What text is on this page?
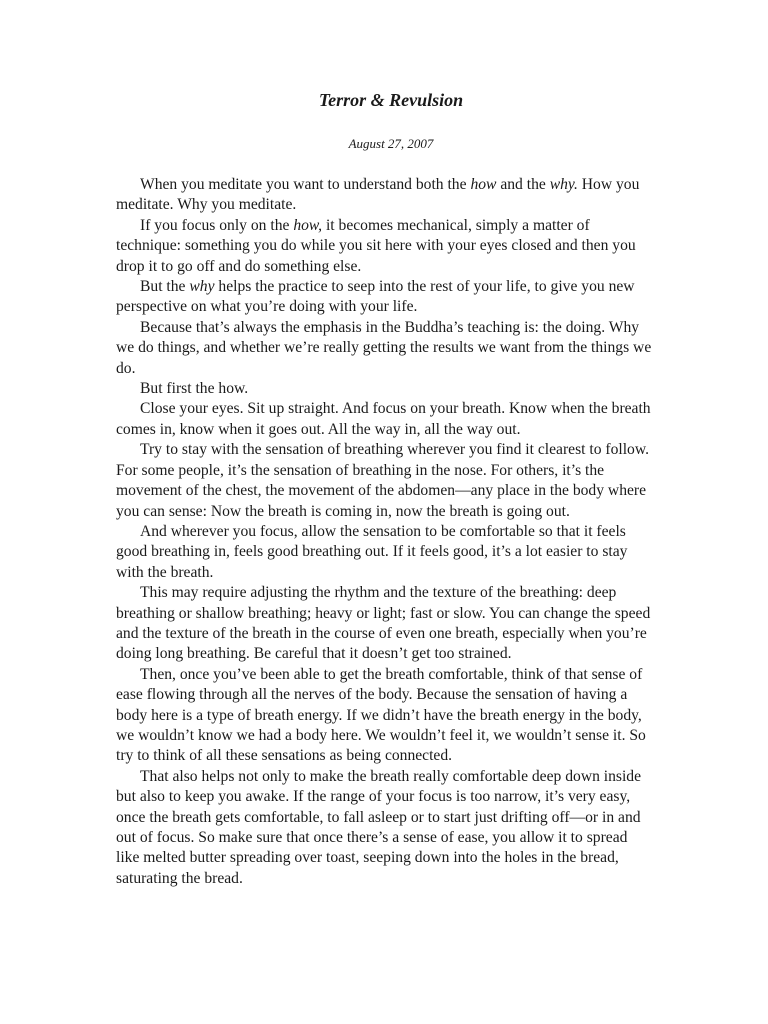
Terror & Revulsion
August 27, 2007

When you meditate you want to understand both the how and the why. How you meditate. Why you meditate.

If you focus only on the how, it becomes mechanical, simply a matter of technique: something you do while you sit here with your eyes closed and then you drop it to go off and do something else.

But the why helps the practice to seep into the rest of your life, to give you new perspective on what you’re doing with your life.

Because that’s always the emphasis in the Buddha’s teaching is: the doing. Why we do things, and whether we’re really getting the results we want from the things we do.

But first the how.

Close your eyes. Sit up straight. And focus on your breath. Know when the breath comes in, know when it goes out. All the way in, all the way out.

Try to stay with the sensation of breathing wherever you find it clearest to follow. For some people, it’s the sensation of breathing in the nose. For others, it’s the movement of the chest, the movement of the abdomen—any place in the body where you can sense: Now the breath is coming in, now the breath is going out.

And wherever you focus, allow the sensation to be comfortable so that it feels good breathing in, feels good breathing out. If it feels good, it’s a lot easier to stay with the breath.

This may require adjusting the rhythm and the texture of the breathing: deep breathing or shallow breathing; heavy or light; fast or slow. You can change the speed and the texture of the breath in the course of even one breath, especially when you’re doing long breathing. Be careful that it doesn’t get too strained.

Then, once you’ve been able to get the breath comfortable, think of that sense of ease flowing through all the nerves of the body. Because the sensation of having a body here is a type of breath energy. If we didn’t have the breath energy in the body, we wouldn’t know we had a body here. We wouldn’t feel it, we wouldn’t sense it. So try to think of all these sensations as being connected.

That also helps not only to make the breath really comfortable deep down inside but also to keep you awake. If the range of your focus is too narrow, it’s very easy, once the breath gets comfortable, to fall asleep or to start just drifting off—or in and out of focus. So make sure that once there’s a sense of ease, you allow it to spread like melted butter spreading over toast, seeping down into the holes in the bread, saturating the bread.
